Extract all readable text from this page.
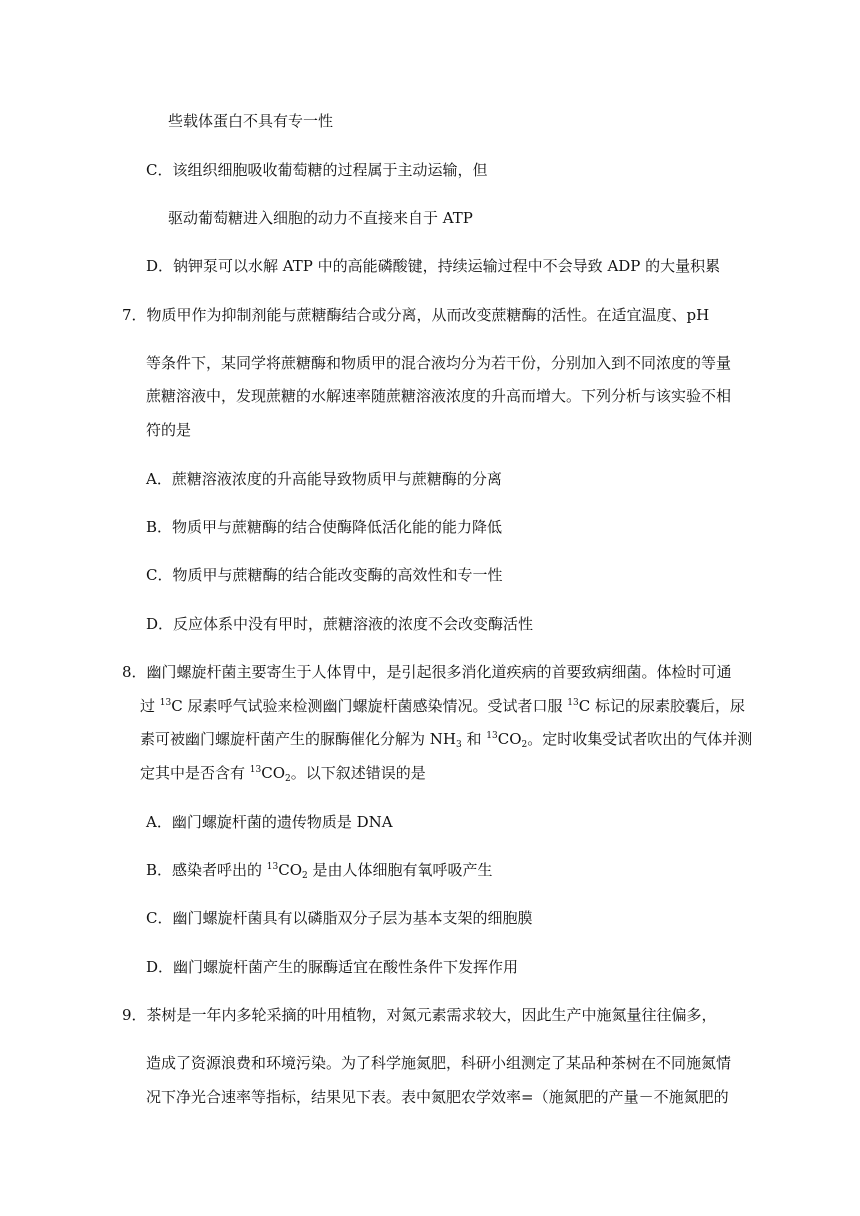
些载体蛋白不具有专一性
C．该组织细胞吸收葡萄糖的过程属于主动运输，但
驱动葡萄糖进入细胞的动力不直接来自于 ATP
D．钠钾泵可以水解 ATP 中的高能磷酸键，持续运输过程中不会导致 ADP 的大量积累
7．物质甲作为抑制剂能与蔗糖酶结合或分离，从而改变蔗糖酶的活性。在适宜温度、pH
等条件下，某同学将蔗糖酶和物质甲的混合液均分为若干份，分别加入到不同浓度的等量
蔗糖溶液中，发现蔗糖的水解速率随蔗糖溶液浓度的升高而增大。下列分析与该实验不相
符的是
A．蔗糖溶液浓度的升高能导致物质甲与蔗糖酶的分离
B．物质甲与蔗糖酶的结合使酶降低活化能的能力降低
C．物质甲与蔗糖酶的结合能改变酶的高效性和专一性
D．反应体系中没有甲时，蔗糖溶液的浓度不会改变酶活性
8．幽门螺旋杆菌主要寄生于人体胃中，是引起很多消化道疾病的首要致病细菌。体检时可通
过 $^{13}$C 尿素呼气试验来检测幽门螺旋杆菌感染情况。受试者口服 $^{13}$C 标记的尿素胶囊后，尿
素可被幽门螺旋杆菌产生的脲酶催化分解为 $NH_3$ 和 $^{13}CO_2$。定时收集受试者吹出的气体并测
定其中是否含有 $^{13}CO_2$。以下叙述错误的是
A．幽门螺旋杆菌的遗传物质是 DNA
B．感染者呼出的 $^{13}CO_2$ 是由人体细胞有氧呼吸产生
C．幽门螺旋杆菌具有以磷脂双分子层为基本支架的细胞膜
D．幽门螺旋杆菌产生的脲酶适宜在酸性条件下发挥作用
9．茶树是一年内多轮采摘的叶用植物，对氮元素需求较大，因此生产中施氮量往往偏多，
造成了资源浪费和环境污染。为了科学施氮肥，科研小组测定了某品种茶树在不同施氮情
况下净光合速率等指标，结果见下表。表中氮肥农学效率=（施氮肥的产量－不施氮肥的
